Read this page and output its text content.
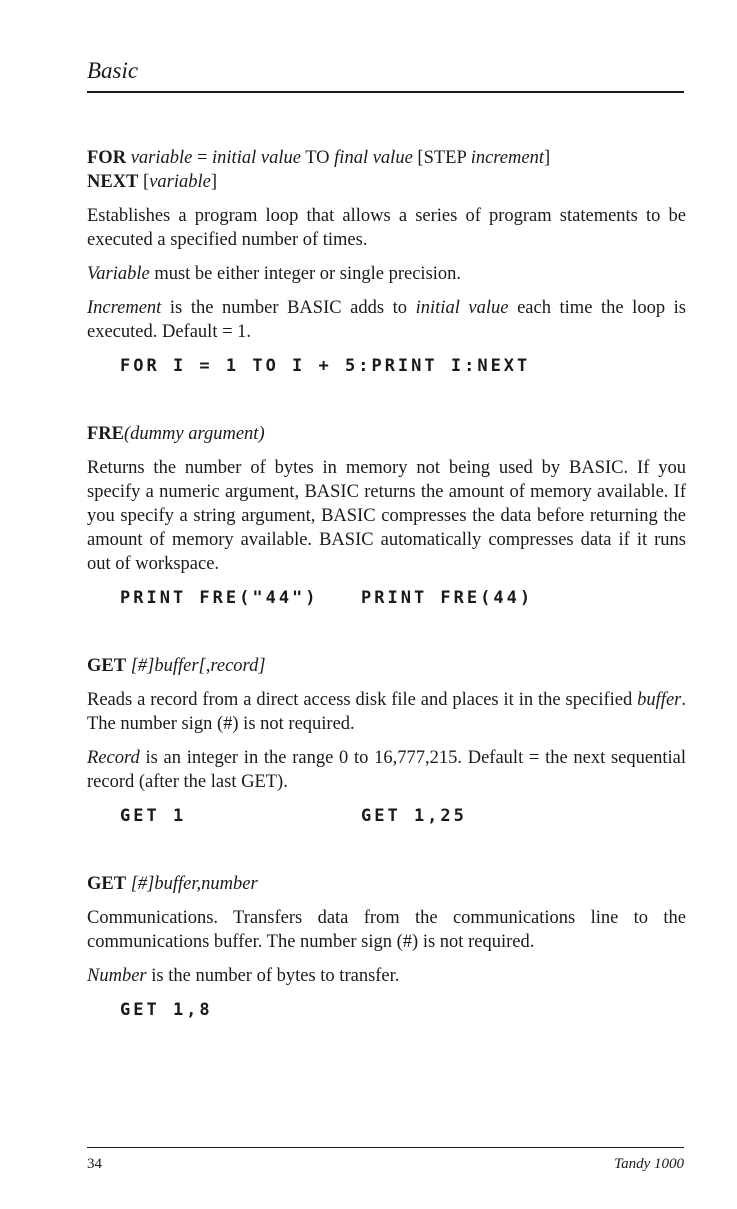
Basic

FOR variable = initial value TO final value [STEP increment]

NEXT [variable]

Establishes a program loop that allows a series of program statements to be executed a specified number of times.

Variable must be either integer or single precision.

Increment is the number BASIC adds to initial value each time the loop is executed. Default = 1.

FOR I = 1 TO I + 5:PRINT I:NEXT

FRE(dummy argument)

Returns the number of bytes in memory not being used by BASIC. If you specify a numeric argument, BASIC returns the amount of memory available. If you specify a string argument, BASIC compresses the data before returning the amount of memory available. BASIC automatically compresses data if it runs out of workspace.

PRINT FRE("44")	PRINT FRE(44)

GET [#]buffer[,record]

Reads a record from a direct access disk file and places it in the specified buffer. The number sign (#) is not required.

Record is an integer in the range 0 to 16,777,215. Default = the next sequential record (after the last GET).

GET 1	GET 1,25

GET [#]buffer,number

Communications. Transfers data from the communications line to the communications buffer. The number sign (#) is not required.

Number is the number of bytes to transfer.

GET 1,8
34	Tandy 1000
